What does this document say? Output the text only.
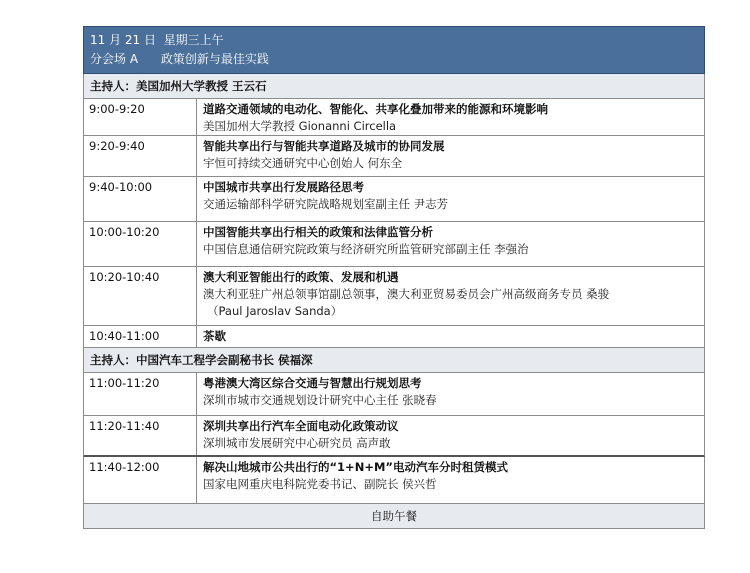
11 月 21 日  星期三上午
分会场 A      政策创新与最佳实践
主持人：美国加州大学教授 王云石
9:00-9:20	道路交通领域的电动化、智能化、共享化叠加带来的能源和环境影响
美国加州大学教授 Gionanni Circella
9:20-9:40	智能共享出行与智能共享道路及城市的协同发展
宇恒可持续交通研究中心创始人 何东全
9:40-10:00	中国城市共享出行发展路径思考
交通运输部科学研究院战略规划室副主任 尹志芳
10:00-10:20	中国智能共享出行相关的政策和法律监管分析
中国信息通信研究院政策与经济研究所监管研究部副主任 李强治
10:20-10:40	澳大利亚智能出行的政策、发展和机遇
澳大利亚驻广州总领事馆副总领事，澳大利亚贸易委员会广州高级商务专员 桑骏
（Paul Jaroslav Sanda）
10:40-11:00	茶歇
主持人：中国汽车工程学会副秘书长 侯福深
11:00-11:20	粤港澳大湾区综合交通与智慧出行规划思考
深圳市城市交通规划设计研究中心主任 张晓春
11:20-11:40	深圳共享出行汽车全面电动化政策动议
深圳城市发展研究中心研究员 高声敢
11:40-12:00	解决山地城市公共出行的“1+N+M”电动汽车分时租赁模式
国家电网重庆电科院党委书记、副院长 侯兴哲
自助午餐
